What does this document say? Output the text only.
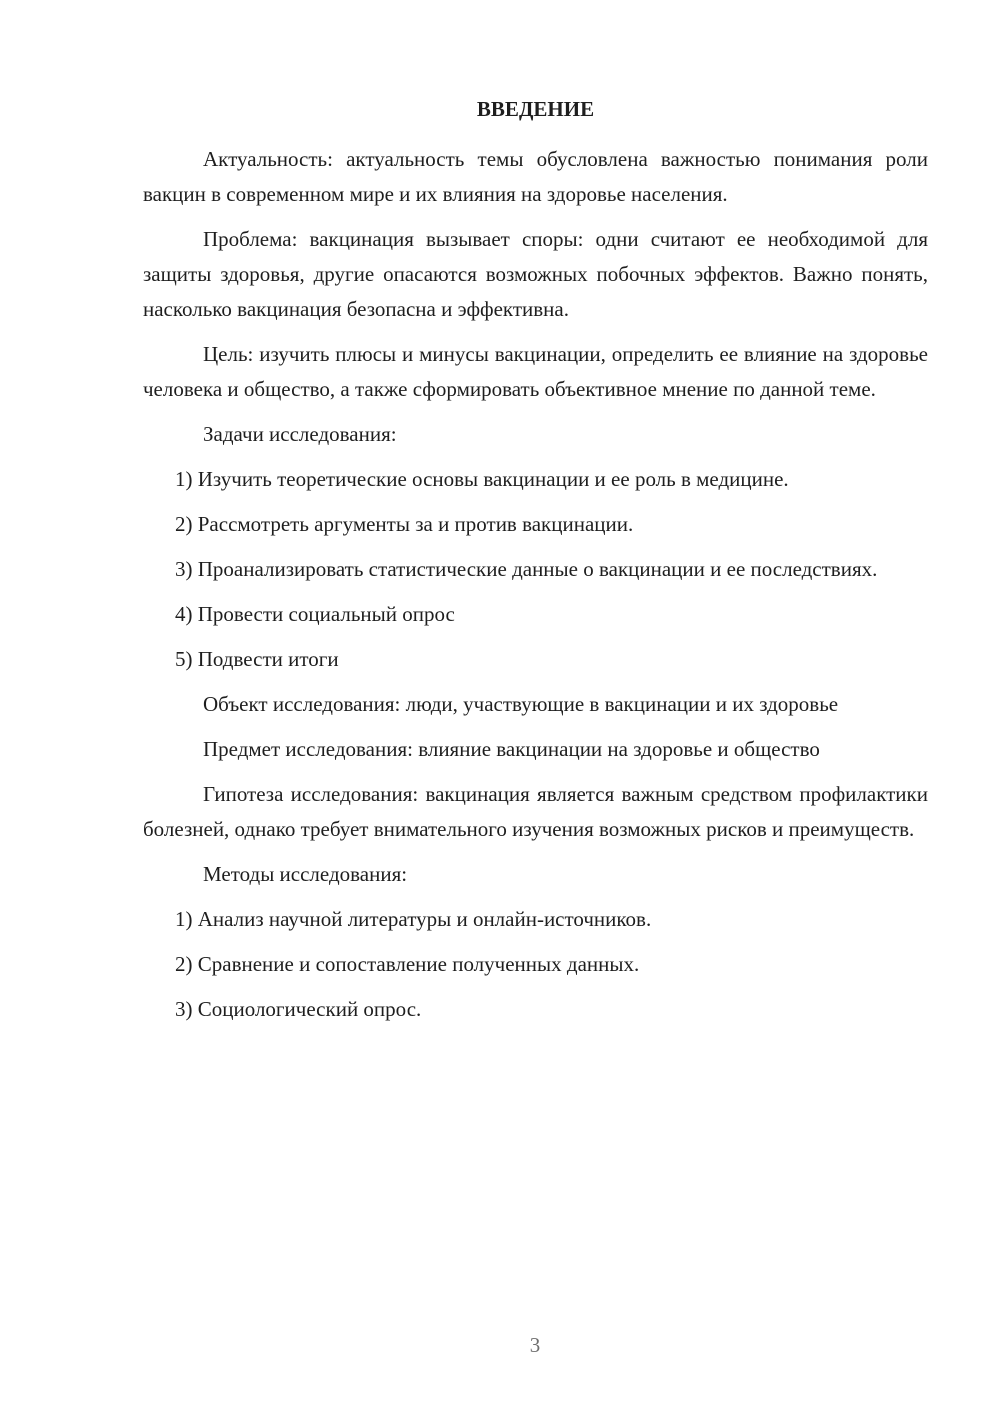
ВВЕДЕНИЕ

Актуальность: актуальность темы обусловлена важностью понимания роли вакцин в современном мире и их влияния на здоровье населения.

Проблема: вакцинация вызывает споры: одни считают ее необходимой для защиты здоровья, другие опасаются возможных побочных эффектов. Важно понять, насколько вакцинация безопасна и эффективна.

Цель: изучить плюсы и минусы вакцинации, определить ее влияние на здоровье человека и общество, а также сформировать объективное мнение по данной теме.

Задачи исследования:

1) Изучить теоретические основы вакцинации и ее роль в медицине.

2) Рассмотреть аргументы за и против вакцинации.

3) Проанализировать статистические данные о вакцинации и ее последствиях.

4) Провести социальный опрос

5) Подвести итоги

Объект исследования: люди, участвующие в вакцинации и их здоровье

Предмет исследования: влияние вакцинации на здоровье и общество

Гипотеза исследования: вакцинация является важным средством профилактики болезней, однако требует внимательного изучения возможных рисков и преимуществ.

Методы исследования:

1) Анализ научной литературы и онлайн-источников.

2) Сравнение и сопоставление полученных данных.

3) Социологический опрос.

3
